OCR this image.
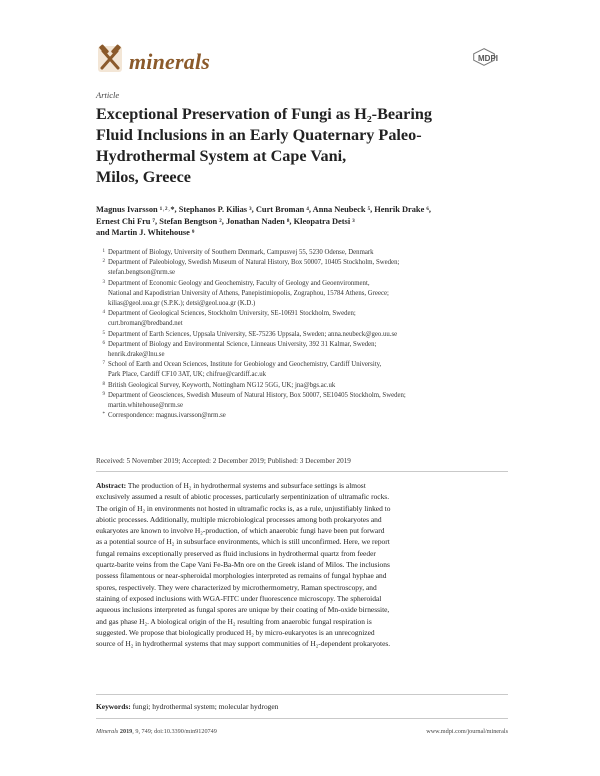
minerals	MDPI
Article
Exceptional Preservation of Fungi as H₂-Bearing
Fluid Inclusions in an Early Quaternary Paleo-
Hydrothermal System at Cape Vani,
Milos, Greece
Magnus Ivarsson ¹˒²˒*, Stephanos P. Kilias ³, Curt Broman ⁴, Anna Neubeck ⁵, Henrik Drake ⁶,
Ernest Chi Fru ⁷, Stefan Bengtson ², Jonathan Naden ⁸, Kleopatra Detsi ³
and Martin J. Whitehouse ⁹
1 Department of Biology, University of Southern Denmark, Campusvej 55, 5230 Odense, Denmark
2 Department of Paleobiology, Swedish Museum of Natural History, Box 50007, 10405 Stockholm, Sweden;
stefan.bengtson@nrm.se
3 Department of Economic Geology and Geochemistry, Faculty of Geology and Geoenvironment,
National and Kapodistrian University of Athens, Panepistimiopolis, Zographou, 15784 Athens, Greece;
kilias@geol.uoa.gr (S.P.K.); detsi@geol.uoa.gr (K.D.)
4 Department of Geological Sciences, Stockholm University, SE-10691 Stockholm, Sweden;
curt.broman@bredband.net
5 Department of Earth Sciences, Uppsala University, SE-75236 Uppsala, Sweden; anna.neubeck@geo.uu.se
6 Department of Biology and Environmental Science, Linneaus University, 392 31 Kalmar, Sweden;
henrik.drake@lnu.se
7 School of Earth and Ocean Sciences, Institute for Geobiology and Geochemistry, Cardiff University,
Park Place, Cardiff CF10 3AT, UK; chifrue@cardiff.ac.uk
8 British Geological Survey, Keyworth, Nottingham NG12 5GG, UK; jna@bgs.ac.uk
9 Department of Geosciences, Swedish Museum of Natural History, Box 50007, SE10405 Stockholm, Sweden;
martin.whitehouse@nrm.se
* Correspondence: magnus.ivarsson@nrm.se
Received: 5 November 2019; Accepted: 2 December 2019; Published: 3 December 2019
Abstract: The production of H₂ in hydrothermal systems and subsurface settings is almost
exclusively assumed a result of abiotic processes, particularly serpentinization of ultramafic rocks.
The origin of H₂ in environments not hosted in ultramafic rocks is, as a rule, unjustifiably linked to
abiotic processes. Additionally, multiple microbiological processes among both prokaryotes and
eukaryotes are known to involve H₂-production, of which anaerobic fungi have been put forward
as a potential source of H₂ in subsurface environments, which is still unconfirmed. Here, we report
fungal remains exceptionally preserved as fluid inclusions in hydrothermal quartz from feeder
quartz-barite veins from the Cape Vani Fe-Ba-Mn ore on the Greek island of Milos. The inclusions
possess filamentous or near-spheroidal morphologies interpreted as remains of fungal hyphae and
spores, respectively. They were characterized by microthermometry, Raman spectroscopy, and
staining of exposed inclusions with WGA-FITC under fluorescence microscopy. The spheroidal
aqueous inclusions interpreted as fungal spores are unique by their coating of Mn-oxide birnessite,
and gas phase H₂. A biological origin of the H₂ resulting from anaerobic fungal respiration is
suggested. We propose that biologically produced H₂ by micro-eukaryotes is an unrecognized
source of H₂ in hydrothermal systems that may support communities of H₂-dependent prokaryotes.
Keywords: fungi; hydrothermal system; molecular hydrogen
Minerals 2019, 9, 749; doi:10.3390/min9120749	www.mdpi.com/journal/minerals
